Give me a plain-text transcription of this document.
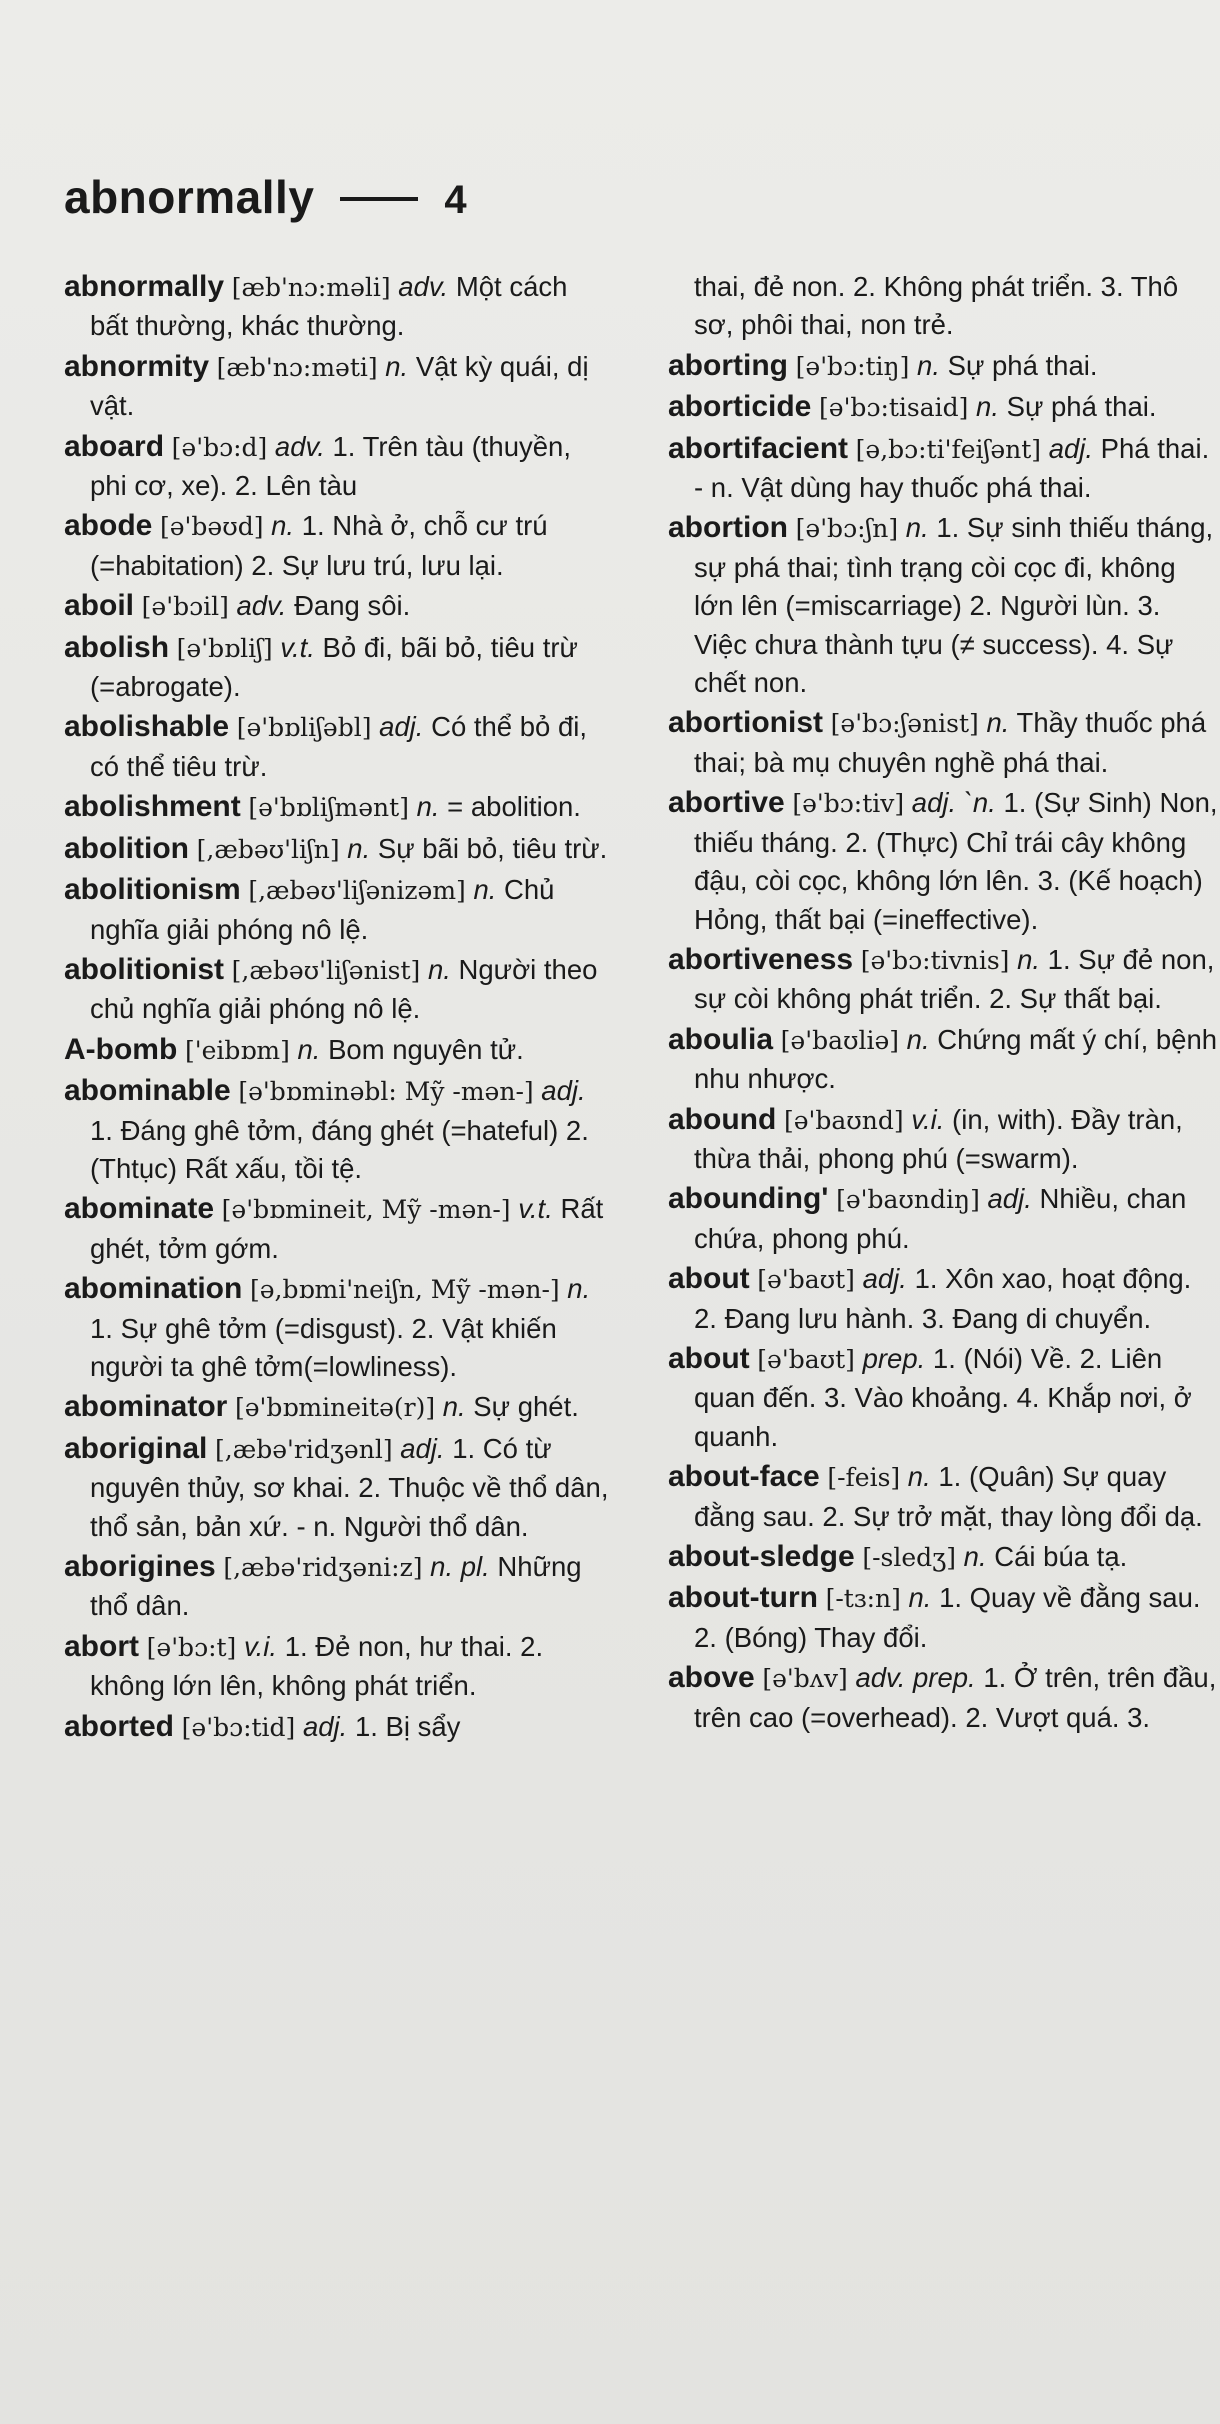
abnormally	4

abnormally [æb'nɔ:məli] adv. Một cách bất thường, khác thường.

abnormity [æb'nɔ:məti] n. Vật kỳ quái, dị vật.

aboard [ə'bɔ:d] adv. 1. Trên tàu (thuyền, phi cơ, xe). 2. Lên tàu

abode [ə'bəʊd] n. 1. Nhà ở, chỗ cư trú (=habitation) 2. Sự lưu trú, lưu lại.

aboil [ə'bɔil] adv. Đang sôi.

abolish [ə'bɒliʃ] v.t. Bỏ đi, bãi bỏ, tiêu trừ (=abrogate).

abolishable [ə'bɒliʃəbl] adj. Có thể bỏ đi, có thể tiêu trừ.

abolishment [ə'bɒliʃmənt] n. = abolition.

abolition [,æbəʊ'liʃn] n. Sự bãi bỏ, tiêu trừ.

abolitionism [,æbəʊ'liʃənizəm] n. Chủ nghĩa giải phóng nô lệ.

abolitionist [,æbəʊ'liʃənist] n. Người theo chủ nghĩa giải phóng nô lệ.

A-bomb ['eibɒm] n. Bom nguyên tử.

abominable [ə'bɒminəbl: Mỹ -mən-] adj. 1. Đáng ghê tởm, đáng ghét (=hateful) 2. (Thtục) Rất xấu, tồi tệ.

abominate [ə'bɒmineit, Mỹ -mən-] v.t. Rất ghét, tởm gớm.

abomination [ə,bɒmi'neiʃn, Mỹ -mən-] n. 1. Sự ghê tởm (=disgust). 2. Vật khiến người ta ghê tởm(=lowliness).

abominator [ə'bɒmineitə(r)] n. Sự ghét.

aboriginal [,æbə'ridʒənl] adj. 1. Có từ nguyên thủy, sơ khai. 2. Thuộc về thổ dân, thổ sản, bản xứ. - n. Người thổ dân.

aborigines [,æbə'ridʒəni:z] n. pl. Những thổ dân.

abort [ə'bɔ:t] v.i. 1. Đẻ non, hư thai. 2. không lớn lên, không phát triển.

aborted [ə'bɔ:tid] adj. 1. Bị sẩy

thai, đẻ non. 2. Không phát triển. 3. Thô sơ, phôi thai, non trẻ.

aborting [ə'bɔ:tiŋ] n. Sự phá thai.

aborticide [ə'bɔ:tisaid] n. Sự phá thai.

abortifacient [ə,bɔ:ti'feiʃənt] adj. Phá thai. - n. Vật dùng hay thuốc phá thai.

abortion [ə'bɔ:ʃn] n. 1. Sự sinh thiếu tháng, sự phá thai; tình trạng còi cọc đi, không lớn lên (=miscarriage) 2. Người lùn. 3. Việc chưa thành tựu (≠ success). 4. Sự chết non.

abortionist [ə'bɔ:ʃənist] n. Thầy thuốc phá thai; bà mụ chuyên nghề phá thai.

abortive [ə'bɔ:tiv] adj. `n. 1. (Sự Sinh) Non, thiếu tháng. 2. (Thực) Chỉ trái cây không đậu, còi cọc, không lớn lên. 3. (Kế hoạch) Hỏng, thất bại (=ineffective).

abortiveness [ə'bɔ:tivnis] n. 1. Sự đẻ non, sự còi không phát triển. 2. Sự thất bại.

aboulia [ə'baʊliə] n. Chứng mất ý chí, bệnh nhu nhược.

abound [ə'baʊnd] v.i. (in, with). Đầy tràn, thừa thải, phong phú (=swarm).

abounding' [ə'baʊndiŋ] adj. Nhiều, chan chứa, phong phú.

about [ə'baʊt] adj. 1. Xôn xao, hoạt động. 2. Đang lưu hành. 3. Đang di chuyển.

about [ə'baʊt] prep. 1. (Nói) Về. 2. Liên quan đến. 3. Vào khoảng. 4. Khắp nơi, ở quanh.

about-face [-feis] n. 1. (Quân) Sự quay đằng sau. 2. Sự trở mặt, thay lòng đổi dạ.

about-sledge [-sledʒ] n. Cái búa tạ.

about-turn [-tɜ:n] n. 1. Quay về đằng sau. 2. (Bóng) Thay đổi.

above [ə'bʌv] adv. prep. 1. Ở trên, trên đầu, trên cao (=overhead). 2. Vượt quá. 3.
